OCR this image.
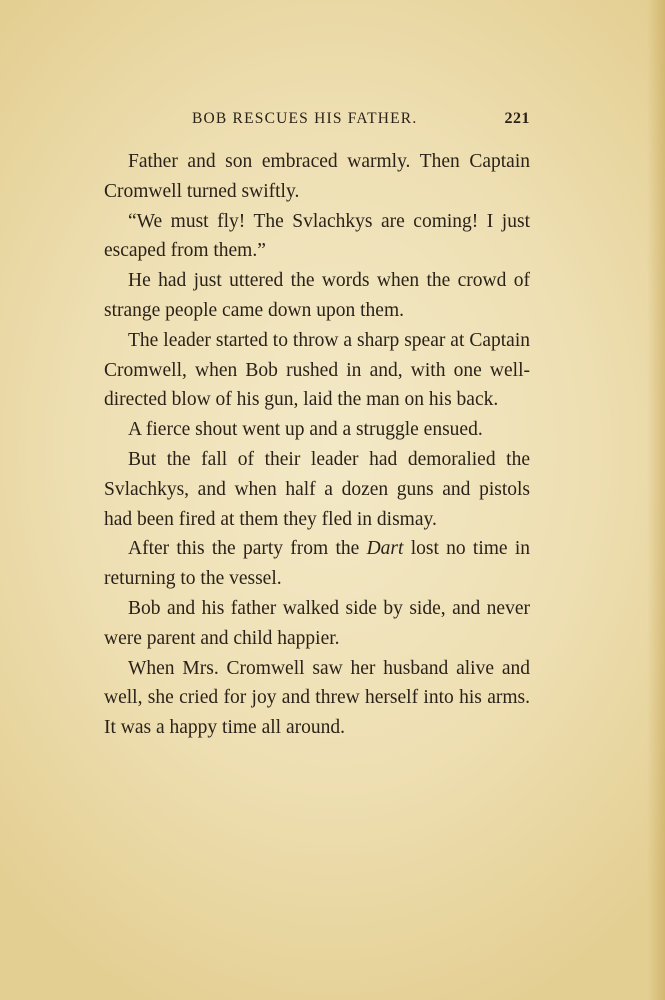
BOB RESCUES HIS FATHER.	221

Father and son embraced warmly. Then Captain Cromwell turned swiftly.

“We must fly! The Svlachkys are coming! I just escaped from them.”

He had just uttered the words when the crowd of strange people came down upon them.

The leader started to throw a sharp spear at Captain Cromwell, when Bob rushed in and, with one well-directed blow of his gun, laid the man on his back.

A fierce shout went up and a struggle ensued.

But the fall of their leader had demoralied the Svlachkys, and when half a dozen guns and pistols had been fired at them they fled in dismay.

After this the party from the Dart lost no time in returning to the vessel.

Bob and his father walked side by side, and never were parent and child happier.

When Mrs. Cromwell saw her husband alive and well, she cried for joy and threw herself into his arms. It was a happy time all around.
